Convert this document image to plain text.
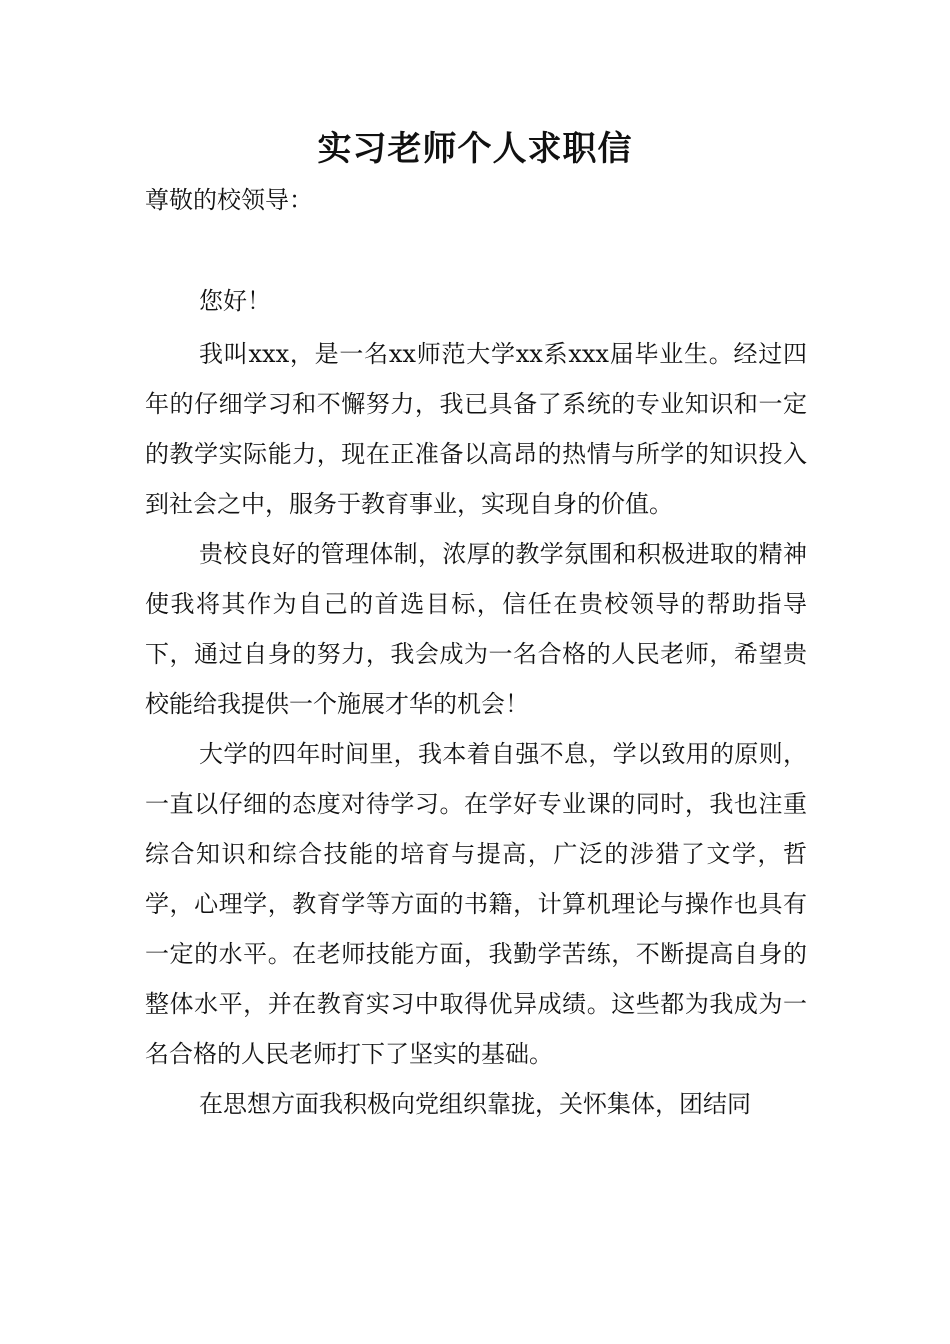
实习老师个人求职信

尊敬的校领导：

您好！

我叫xxx，是一名xx师范大学xx系xxx届毕业生。经过四年的仔细学习和不懈努力，我已具备了系统的专业知识和一定的教学实际能力，现在正准备以高昂的热情与所学的知识投入到社会之中，服务于教育事业，实现自身的价值。

贵校良好的管理体制，浓厚的教学氛围和积极进取的精神使我将其作为自己的首选目标，信任在贵校领导的帮助指导下，通过自身的努力，我会成为一名合格的人民老师，希望贵校能给我提供一个施展才华的机会！

大学的四年时间里，我本着自强不息，学以致用的原则，一直以仔细的态度对待学习。在学好专业课的同时，我也注重综合知识和综合技能的培育与提高，广泛的涉猎了文学，哲学，心理学，教育学等方面的书籍，计算机理论与操作也具有一定的水平。在老师技能方面，我勤学苦练，不断提高自身的整体水平，并在教育实习中取得优异成绩。这些都为我成为一名合格的人民老师打下了坚实的基础。

在思想方面我积极向党组织靠拢，关怀集体，团结同
